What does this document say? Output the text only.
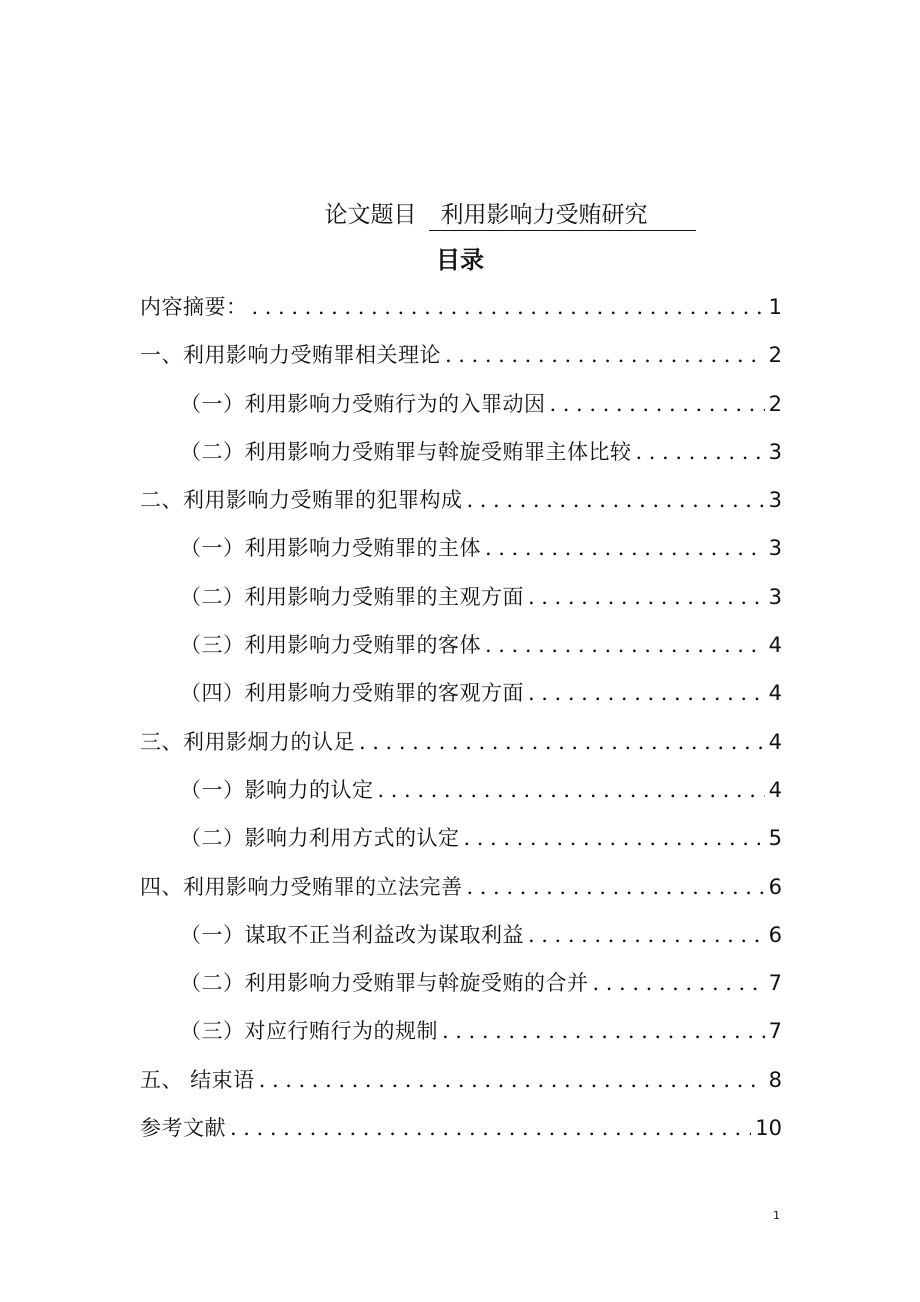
论文题目 利用影响力受贿研究
目录
内容摘要： .....	1
一、利用影响力受贿罪相关理论 .....	2
（一）利用影响力受贿行为的入罪动因 .....	2
（二）利用影响力受贿罪与斡旋受贿罪主体比较 .....	3
二、利用影响力受贿罪的犯罪构成 .....	3
（一）利用影响力受贿罪的主体 .....	3
（二）利用影响力受贿罪的主观方面 .....	3
（三）利用影响力受贿罪的客体 .....	4
（四）利用影响力受贿罪的客观方面 .....	4
三、利用影炯力的认足 .....	4
（一）影响力的认定 .....	4
（二）影响力利用方式的认定 .....	5
四、利用影响力受贿罪的立法完善 .....	6
（一）谋取不正当利益改为谋取利益 .....	6
（二）利用影响力受贿罪与斡旋受贿的合并 .....	7
（三）对应行贿行为的规制 .....	7
五、 结束语 .....	8
参考文献 .....	10
1
